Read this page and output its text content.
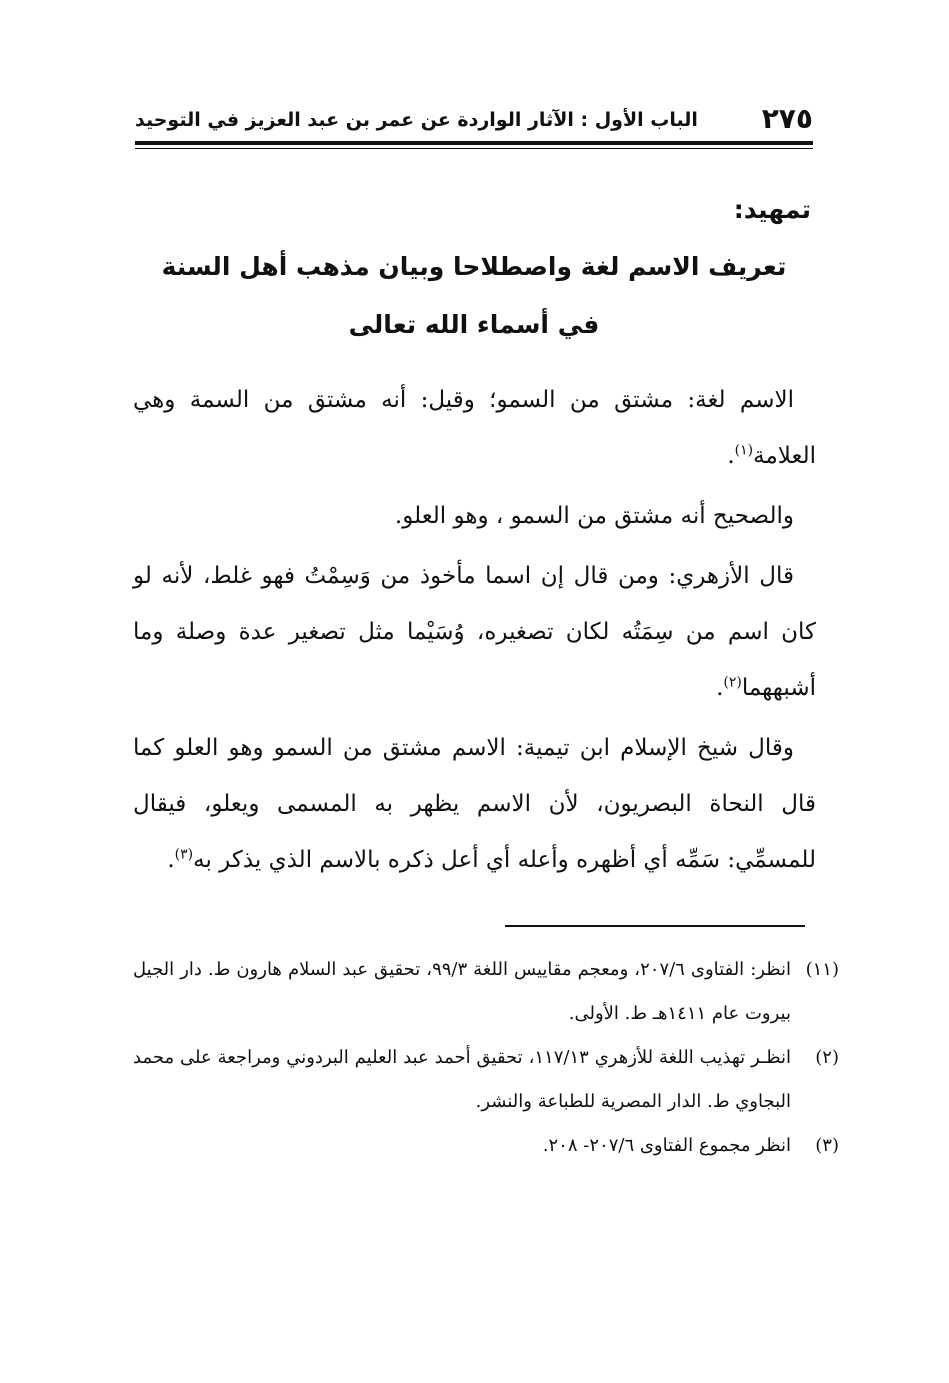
٢٧٥
الباب الأول : الآثار الواردة عن عمر بن عبد العزيز في التوحيد
تمهيد:
تعريف الاسم لغة واصطلاحا وبيان مذهب أهل السنة
في أسماء الله تعالى

الاسم لغة: مشتق من السمو؛ وقيل: أنه مشتق من السمة وهي العلامة$^{(١)}$.

والصحيح أنه مشتق من السمو ، وهو العلو.

قال الأزهري: ومن قال إن اسما مأخوذ من وَسِمْتُ فهو غلط، لأنه لو كان اسم من سِمَتُه لكان تصغيره، وُسَيْما مثل تصغير عدة وصلة وما أشبههما$^{(٢)}$.

وقال شيخ الإسلام ابن تيمية: الاسم مشتق من السمو وهو العلو كما قال النحاة البصريون، لأن الاسم يظهر به المسمى ويعلو، فيقال للمسمِّي: سَمِّه أي أظهره وأعله أي أعل ذكره بالاسم الذي يذكر به$^{(٣)}$.

(١١)
انظر: الفتاوى ٢٠٧/٦، ومعجم مقاييس اللغة ٩٩/٣، تحقيق عبد السلام هارون ط. دار الجيل بيروت عام ١٤١١هـ ط. الأولى.
(٢)
انظـر تهذيب اللغة للأزهري ١١٧/١٣، تحقيق أحمد عبد العليم البردوني ومراجعة على محمد البجاوي ط. الدار المصرية للطباعة والنشر.
(٣)
انظر مجموع الفتاوى ٢٠٧/٦- ٢٠٨.
